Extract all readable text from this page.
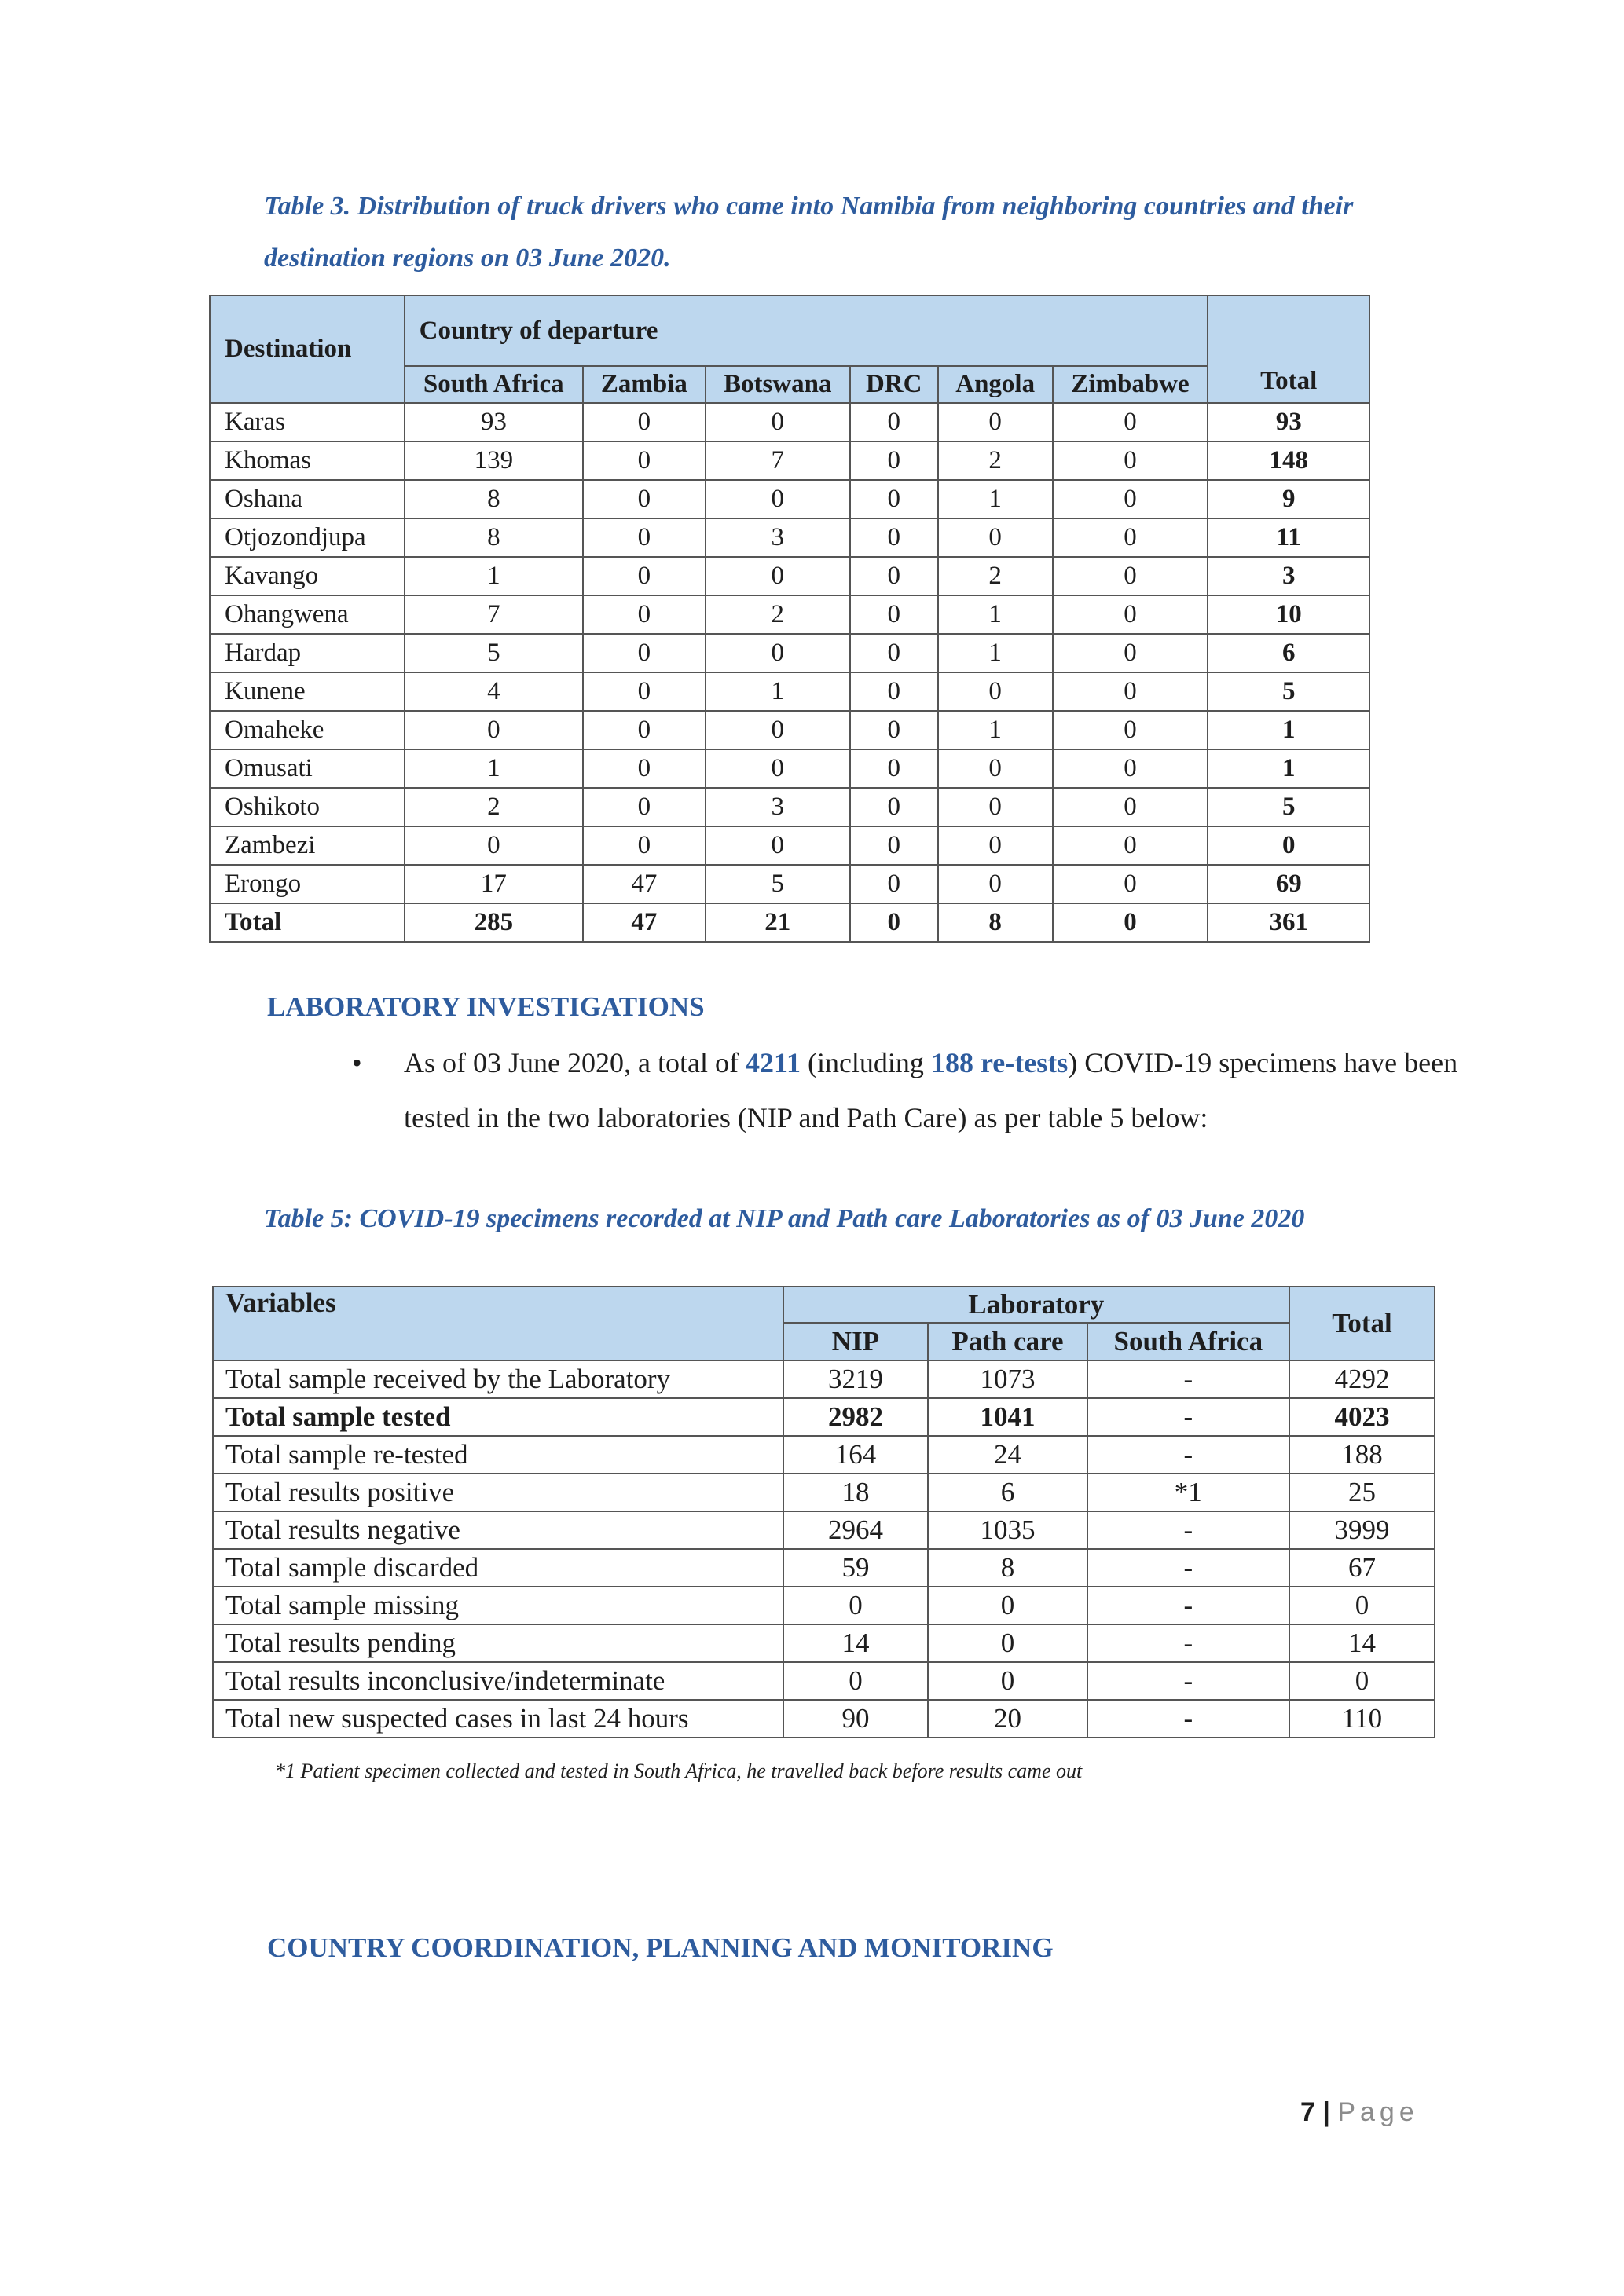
Table 3. Distribution of truck drivers who came into Namibia from neighboring countries and their destination regions on 03 June 2020.
Destination	Country of departure						Total
	South Africa	Zambia	Botswana	DRC	Angola	Zimbabwe	
Karas	93	0	0	0	0	0	93
Khomas	139	0	7	0	2	0	148
Oshana	8	0	0	0	1	0	9
Otjozondjupa	8	0	3	0	0	0	11
Kavango	1	0	0	0	2	0	3
Ohangwena	7	0	2	0	1	0	10
Hardap	5	0	0	0	1	0	6
Kunene	4	0	1	0	0	0	5
Omaheke	0	0	0	0	1	0	1
Omusati	1	0	0	0	0	0	1
Oshikoto	2	0	3	0	0	0	5
Zambezi	0	0	0	0	0	0	0
Erongo	17	47	5	0	0	0	69
Total	285	47	21	0	8	0	361
LABORATORY INVESTIGATIONS
• As of 03 June 2020, a total of 4211 (including 188 re-tests) COVID-19 specimens have been tested in the two laboratories (NIP and Path Care) as per table 5 below:

Table 5: COVID-19 specimens recorded at NIP and Path care Laboratories as of 03 June 2020
Variables	Laboratory			Total
	NIP	Path care	South Africa	
Total sample received by the Laboratory	3219	1073	-	4292
Total sample tested	2982	1041	-	4023
Total sample re-tested	164	24	-	188
Total results positive	18	6	*1	25
Total results negative	2964	1035	-	3999
Total sample discarded	59	8	-	67
Total sample missing	0	0	-	0
Total results pending	14	0	-	14
Total results inconclusive/indeterminate	0	0	-	0
Total new suspected cases in last 24 hours	90	20	-	110
*1 Patient specimen collected and tested in South Africa, he travelled back before results came out
COUNTRY COORDINATION, PLANNING AND MONITORING
7 | Page
